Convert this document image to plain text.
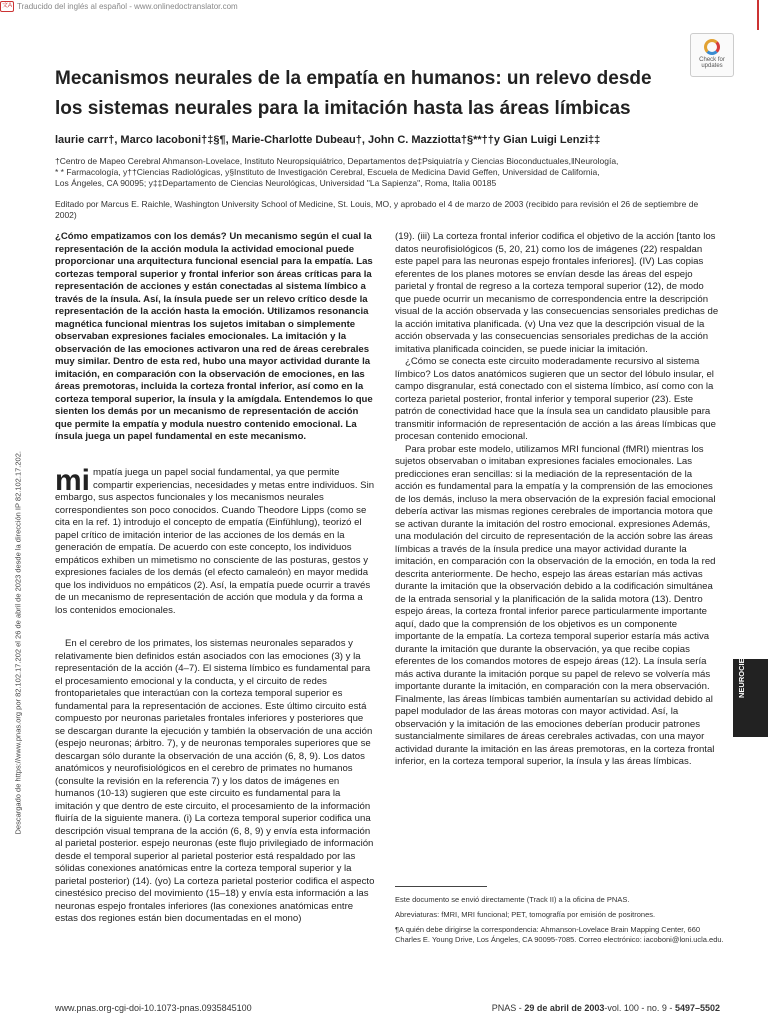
文A Traducido del inglés al español - www.onlinedoctranslator.com
Check for updates
Mecanismos neurales de la empatía en humanos: un relevo desde los sistemas neurales para la imitación hasta las áreas límbicas
laurie carr†, Marco Iacoboni†‡§¶, Marie-Charlotte Dubeau†, John C. Mazziotta†§**††y Gian Luigi Lenzi‡‡
†Centro de Mapeo Cerebral Ahmanson-Lovelace, Instituto Neuropsiquiátrico, Departamentos de‡Psiquiatría y Ciencias Bioconductuales,‖Neurología,
* * Farmacología, y††Ciencias Radiológicas, y§Instituto de Investigación Cerebral, Escuela de Medicina David Geffen, Universidad de California,
Los Ángeles, CA 90095; y‡‡Departamento de Ciencias Neurológicas, Universidad "La Sapienza", Roma, Italia 00185
Editado por Marcus E. Raichle, Washington University School of Medicine, St. Louis, MO, y aprobado el 4 de marzo de 2003 (recibido para revisión el 26 de septiembre de 2002)

¿Cómo empatizamos con los demás? Un mecanismo según el cual la representación de la acción modula la actividad emocional puede proporcionar una arquitectura funcional esencial para la empatía. Las cortezas temporal superior y frontal inferior son áreas críticas para la representación de acciones y están conectadas al sistema límbico a través de la ínsula. Así, la ínsula puede ser un relevo crítico desde la representación de la acción hasta la emoción. Utilizamos resonancia magnética funcional mientras los sujetos imitaban o simplemente observaban expresiones faciales emocionales. La imitación y la observación de las emociones activaron una red de áreas cerebrales muy similar. Dentro de esta red, hubo una mayor actividad durante la imitación, en comparación con la observación de emociones, en las áreas premotoras, incluida la corteza frontal inferior, así como en la corteza temporal superior, la ínsula y la amígdala. Entendemos lo que sienten los demás por un mecanismo de representación de acción que permite la empatía y modula nuestro contenido emocional. La ínsula juega un papel fundamental en este mecanismo.

mi mpatía juega un papel social fundamental, ya que permite compartir experiencias, necesidades y metas entre individuos. Sin embargo, sus aspectos funcionales y los mecanismos neurales correspondientes son poco conocidos. Cuando Theodore Lipps (como se cita en la ref. 1) introdujo el concepto de empatía (Einfühlung), teorizó el papel crítico de imitación interior de las acciones de los demás en la generación de empatía. De acuerdo con este concepto, los individuos empáticos exhiben un mimetismo no consciente de las posturas, gestos y expresiones faciales de los demás (el efecto camaleón) en mayor medida que los individuos no empáticos (2). Así, la empatía puede ocurrir a través de un mecanismo de representación de acción que modula y da forma a los contenidos emocionales.

En el cerebro de los primates, los sistemas neuronales separados y relativamente bien definidos están asociados con las emociones (3) y la representación de la acción (4–7). El sistema límbico es fundamental para el procesamiento emocional y la conducta, y el circuito de redes frontoparietales que interactúan con la corteza temporal superior es fundamental para la representación de acciones. Este último circuito está compuesto por neuronas parietales frontales inferiores y posteriores que se descargan durante la ejecución y también la observación de una acción (espejo neuronas; árbitro. 7), y de neuronas temporales superiores que se descargan sólo durante la observación de una acción (6, 8, 9). Los datos anatómicos y neurofisiológicos en el cerebro de primates no humanos (consulte la revisión en la referencia 7) y los datos de imágenes en humanos (10-13) sugieren que este circuito es fundamental para la imitación y que dentro de este circuito, el procesamiento de la información fluiría de la siguiente manera. (i) La corteza temporal superior codifica una descripción visual temprana de la acción (6, 8, 9) y envía esta información al parietal posterior. espejo neuronas (este flujo privilegiado de información desde el temporal superior al parietal posterior está respaldado por las sólidas conexiones anatómicas entre la corteza temporal superior y la parietal posterior) (14). (yo) La corteza parietal posterior codifica el aspecto cinestésico preciso del movimiento (15–18) y envía esta información a las neuronas espejo frontales inferiores (las conexiones anatómicas entre estas dos regiones están bien documentadas en el mono)

(19). (iii) La corteza frontal inferior codifica el objetivo de la acción [tanto los datos neurofisiológicos (5, 20, 21) como los de imágenes (22) respaldan este papel para las neuronas espejo frontales inferiores]. (IV) Las copias eferentes de los planes motores se envían desde las áreas del espejo parietal y frontal de regreso a la corteza temporal superior (12), de modo que puede ocurrir un mecanismo de correspondencia entre la descripción visual de la acción observada y las consecuencias sensoriales predichas de la acción imitativa planificada. (v) Una vez que la descripción visual de la acción observada y las consecuencias sensoriales predichas de la acción imitativa planificada coinciden, se puede iniciar la imitación.

¿Cómo se conecta este circuito moderadamente recursivo al sistema límbico? Los datos anatómicos sugieren que un sector del lóbulo insular, el campo disgranular, está conectado con el sistema límbico, así como con la corteza parietal posterior, frontal inferior y temporal superior (23). Este patrón de conectividad hace que la ínsula sea un candidato plausible para transmitir información de representación de acción a las áreas límbicas que procesan contenido emocional.

Para probar este modelo, utilizamos MRI funcional (fMRI) mientras los sujetos observaban o imitaban expresiones faciales emocionales. Las predicciones eran sencillas: si la mediación de la representación de la acción es fundamental para la empatía y la comprensión de las emociones de los demás, incluso la mera observación de la expresión facial emocional debería activar las mismas regiones cerebrales de importancia motora que se activan durante la imitación del rostro emocional. expresiones Además, una modulación del circuito de representación de la acción sobre las áreas límbicas a través de la ínsula predice una mayor actividad durante la imitación, en comparación con la observación de la emoción, en toda la red descrita anteriormente. De hecho, espejo las áreas estarían más activas durante la imitación que la observación debido a la codificación simultánea de la entrada sensorial y la planificación de la salida motora (13). Dentro espejo áreas, la corteza frontal inferior parece particularmente importante aquí, dado que la comprensión de los objetivos es un componente importante de la empatía. La corteza temporal superior estaría más activa durante la imitación que durante la observación, ya que recibe copias eferentes de los comandos motores de espejo áreas (12). La ínsula sería más activa durante la imitación porque su papel de relevo se volvería más importante durante la imitación, en comparación con la mera observación. Finalmente, las áreas límbicas también aumentarían su actividad debido al papel modulador de las áreas motoras con mayor actividad. Así, la observación y la imitación de las emociones deberían producir patrones sustancialmente similares de áreas cerebrales activadas, con una mayor actividad durante la imitación en las áreas premotoras, en la corteza frontal inferior, en la corteza temporal superior, la ínsula y las áreas límbicas.

Este documento se envió directamente (Track II) a la oficina de PNAS.
Abreviaturas: fMRI, MRI funcional; PET, tomografía por emisión de positrones.
¶A quién debe dirigirse la correspondencia: Ahmanson-Lovelace Brain Mapping Center, 660 Charles E. Young Drive, Los Ángeles, CA 90095-7085. Correo electrónico: iacoboni@loni.ucla.edu.
Descargado de https://www.pnas.org por 82.102.17.202 el 26 de abril de 2023 desde la dirección IP 82.102.17.202.	NEUROCIENCIA
www.pnas.org-cgi-doi-10.1073-pnas.0935845100	PNAS - 29 de abril de 2003-vol. 100 - no. 9 - 5497–5502
